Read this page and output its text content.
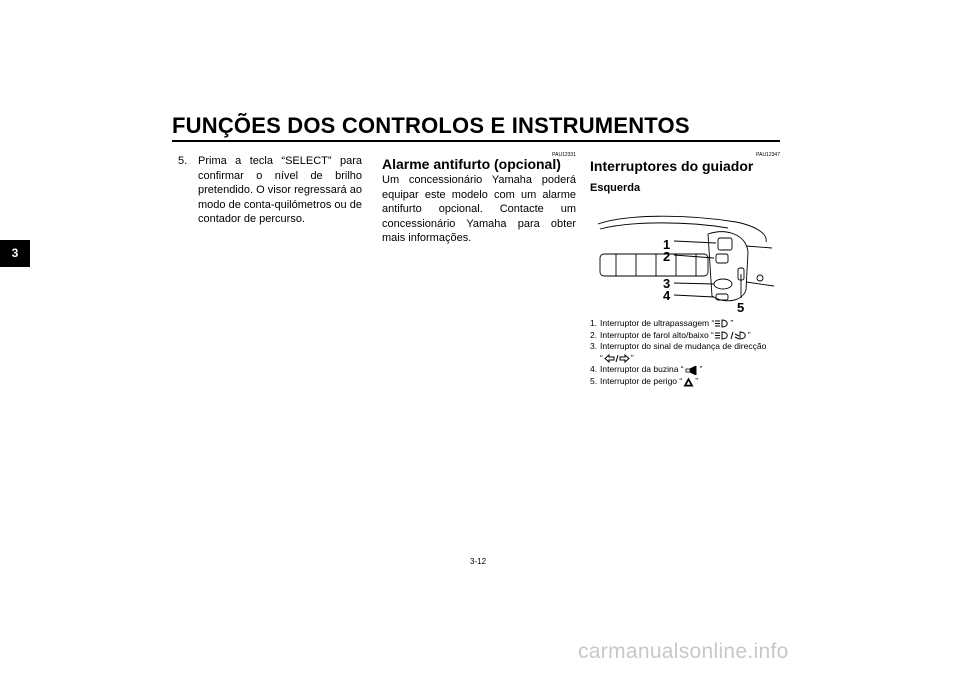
FUNÇÕES DOS CONTROLOS E INSTRUMENTOS
3
5. Prima a tecla “SELECT” para confirmar o nível de brilho pretendido. O visor regressará ao modo de conta-quilómetros ou de contador de percurso.
PAU12331
Alarme antifurto (opcional)
Um concessionário Yamaha poderá equipar este modelo com um alarme antifurto opcional. Contacte um concessionário Yamaha para obter mais informações.
PAU12347
Interruptores do guiador
Esquerda
1
2
3
4
5
1. Interruptor de ultrapassagem “ ”
2. Interruptor de farol alto/baixo “	”
3. Interruptor do sinal de mudança de direcção
“	”
4. Interruptor da buzina “ ”
5. Interruptor de perigo “ ”
3-12
carmanualsonline.info
